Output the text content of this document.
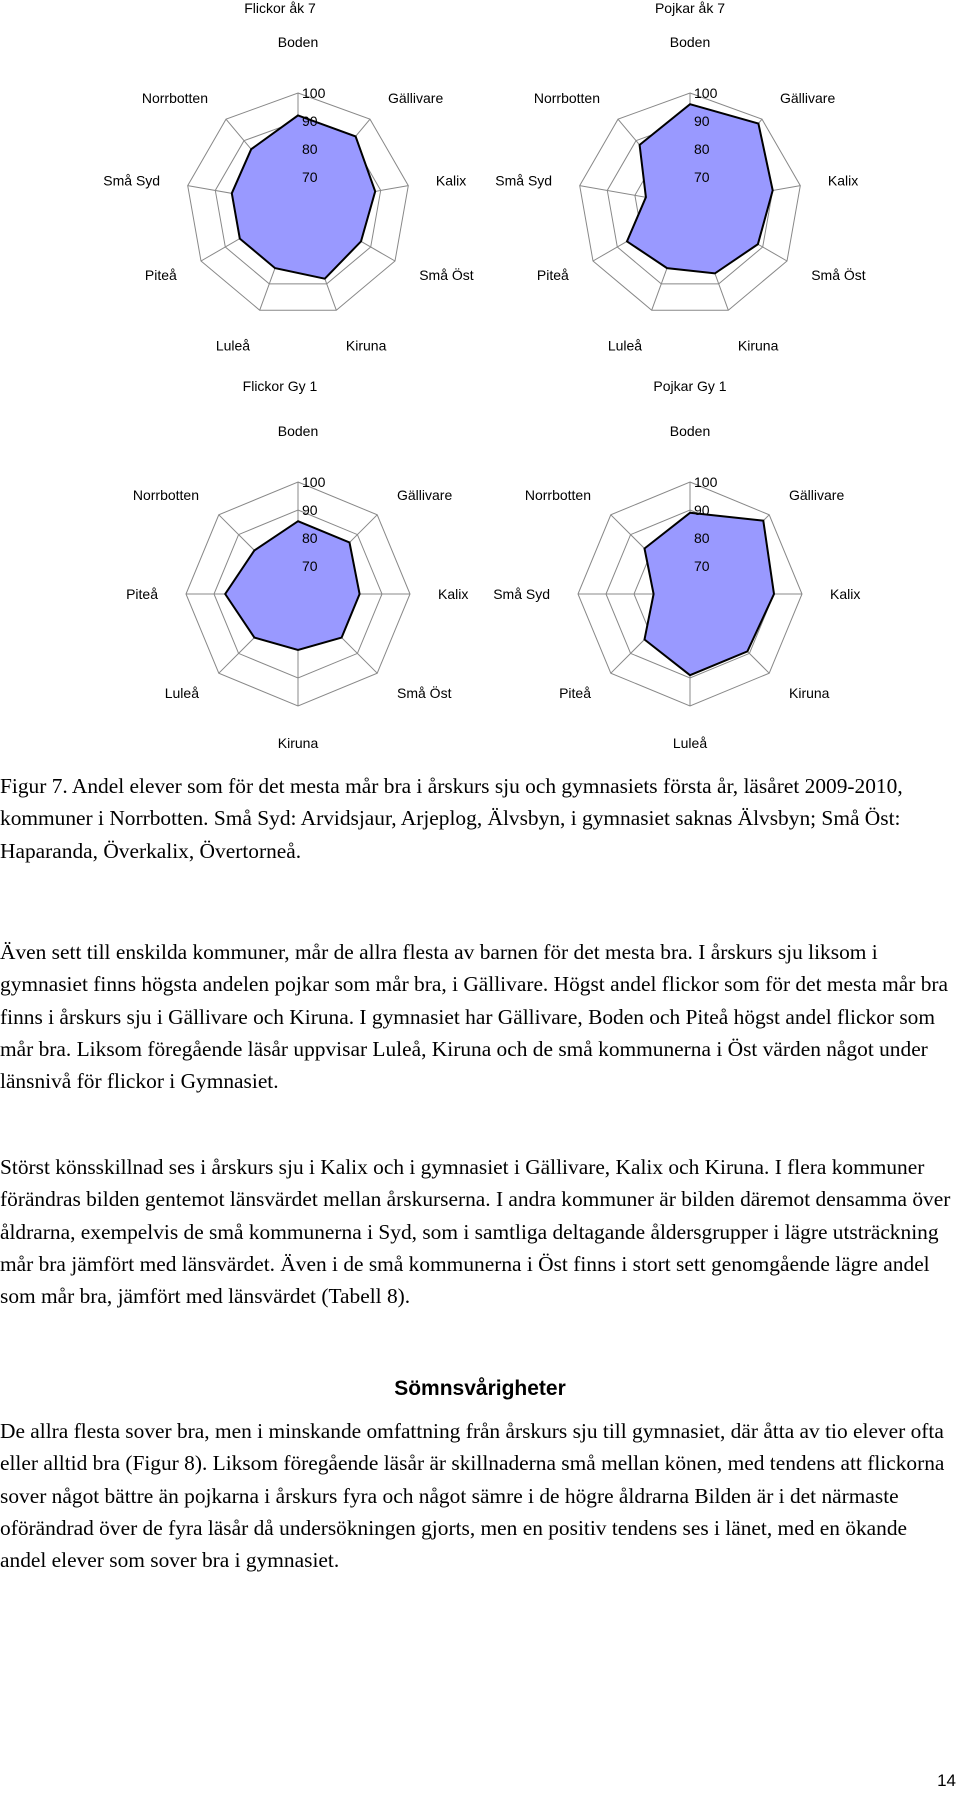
Flickor åk 7
70
80
90
100
Boden
Gällivare
Kalix
Små Öst
Kiruna
Luleå
Piteå
Små Syd
Norrbotten
Pojkar åk 7
70
80
90
100
Boden
Gällivare
Kalix
Små Öst
Kiruna
Luleå
Piteå
Små Syd
Norrbotten
Flickor Gy 1
70
80
90
100
Boden
Gällivare
Kalix
Små Öst
Kiruna
Luleå
Piteå
Norrbotten
Pojkar Gy 1
70
80
90
100
Boden
Gällivare
Kalix
Kiruna
Luleå
Piteå
Små Syd
Norrbotten

Figur 7. Andel elever som för det mesta mår bra i årskurs sju och gymnasiets första år, läsåret 2009-2010, kommuner i Norrbotten. Små Syd: Arvidsjaur, Arjeplog, Älvsbyn, i gymnasiet saknas Älvsbyn; Små Öst: Haparanda, Överkalix, Övertorneå.

Även sett till enskilda kommuner, mår de allra flesta av barnen för det mesta bra. I årskurs sju liksom i gymnasiet finns högsta andelen pojkar som mår bra, i Gällivare. Högst andel flickor som för det mesta mår bra finns i årskurs sju i Gällivare och Kiruna. I gymnasiet har Gällivare, Boden och Piteå högst andel flickor som mår bra. Liksom föregående läsår uppvisar Luleå, Kiruna och de små kommunerna i Öst värden något under länsnivå för flickor i Gymnasiet.

Störst könsskillnad ses i årskurs sju i Kalix och i gymnasiet i Gällivare, Kalix och Kiruna. I flera kommuner förändras bilden gentemot länsvärdet mellan årskurserna. I andra kommuner är bilden däremot densamma över åldrarna, exempelvis de små kommunerna i Syd, som i samtliga deltagande åldersgrupper i lägre utsträckning mår bra jämfört med länsvärdet. Även i de små kommunerna i Öst finns i stort sett genomgående lägre andel som mår bra, jämfört med länsvärdet (Tabell 8).

Sömnsvårigheter

De allra flesta sover bra, men i minskande omfattning från årskurs sju till gymnasiet, där åtta av tio elever ofta eller alltid bra (Figur 8). Liksom föregående läsår är skillnaderna små mellan könen, med tendens att flickorna sover något bättre än pojkarna i årskurs fyra och något sämre i de högre åldrarna Bilden är i det närmaste oförändrad över de fyra läsår då undersökningen gjorts, men en positiv tendens ses i länet, med en ökande andel elever som sover bra i gymnasiet.

14
